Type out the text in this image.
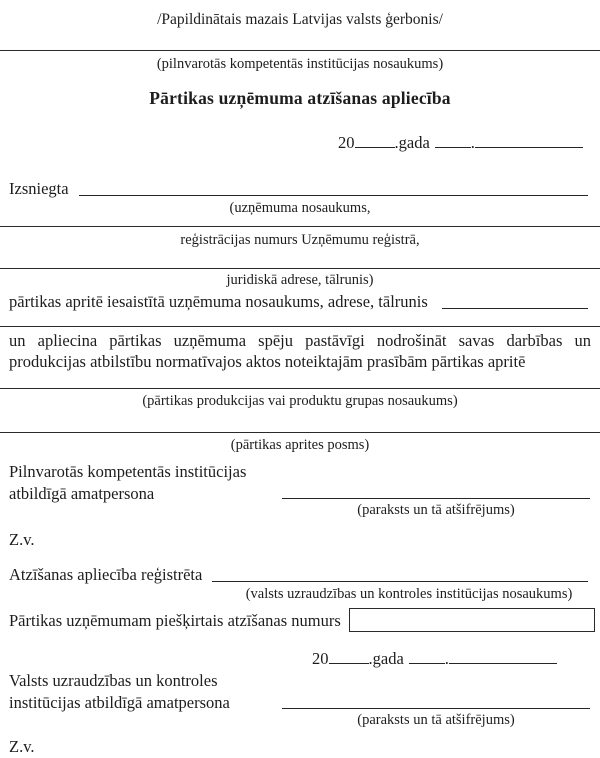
/Papildinātais mazais Latvijas valsts ģerbonis/
(pilnvarotās kompetentās institūcijas nosaukums)
Pārtikas uzņēmuma atzīšanas apliecība
20 .gada .
Izsniegta
(uzņēmuma nosaukums,
reģistrācijas numurs Uzņēmumu reģistrā,
juridiskā adrese, tālrunis)
pārtikas apritē iesaistītā uzņēmuma nosaukums, adrese, tālrunis
un apliecina pārtikas uzņēmuma spēju pastāvīgi nodrošināt savas darbības un produkcijas atbilstību normatīvajos aktos noteiktajām prasībām pārtikas apritē
(pārtikas produkcijas vai produktu grupas nosaukums)
(pārtikas aprites posms)
Pilnvarotās kompetentās institūcijas
atbildīgā amatpersona
(paraksts un tā atšifrējums)
Z.v.
Atzīšanas apliecība reģistrēta
(valsts uzraudzības un kontroles institūcijas nosaukums)
Pārtikas uzņēmumam piešķirtais atzīšanas numurs
20 .gada .
Valsts uzraudzības un kontroles
institūcijas atbildīgā amatpersona
(paraksts un tā atšifrējums)
Z.v.
